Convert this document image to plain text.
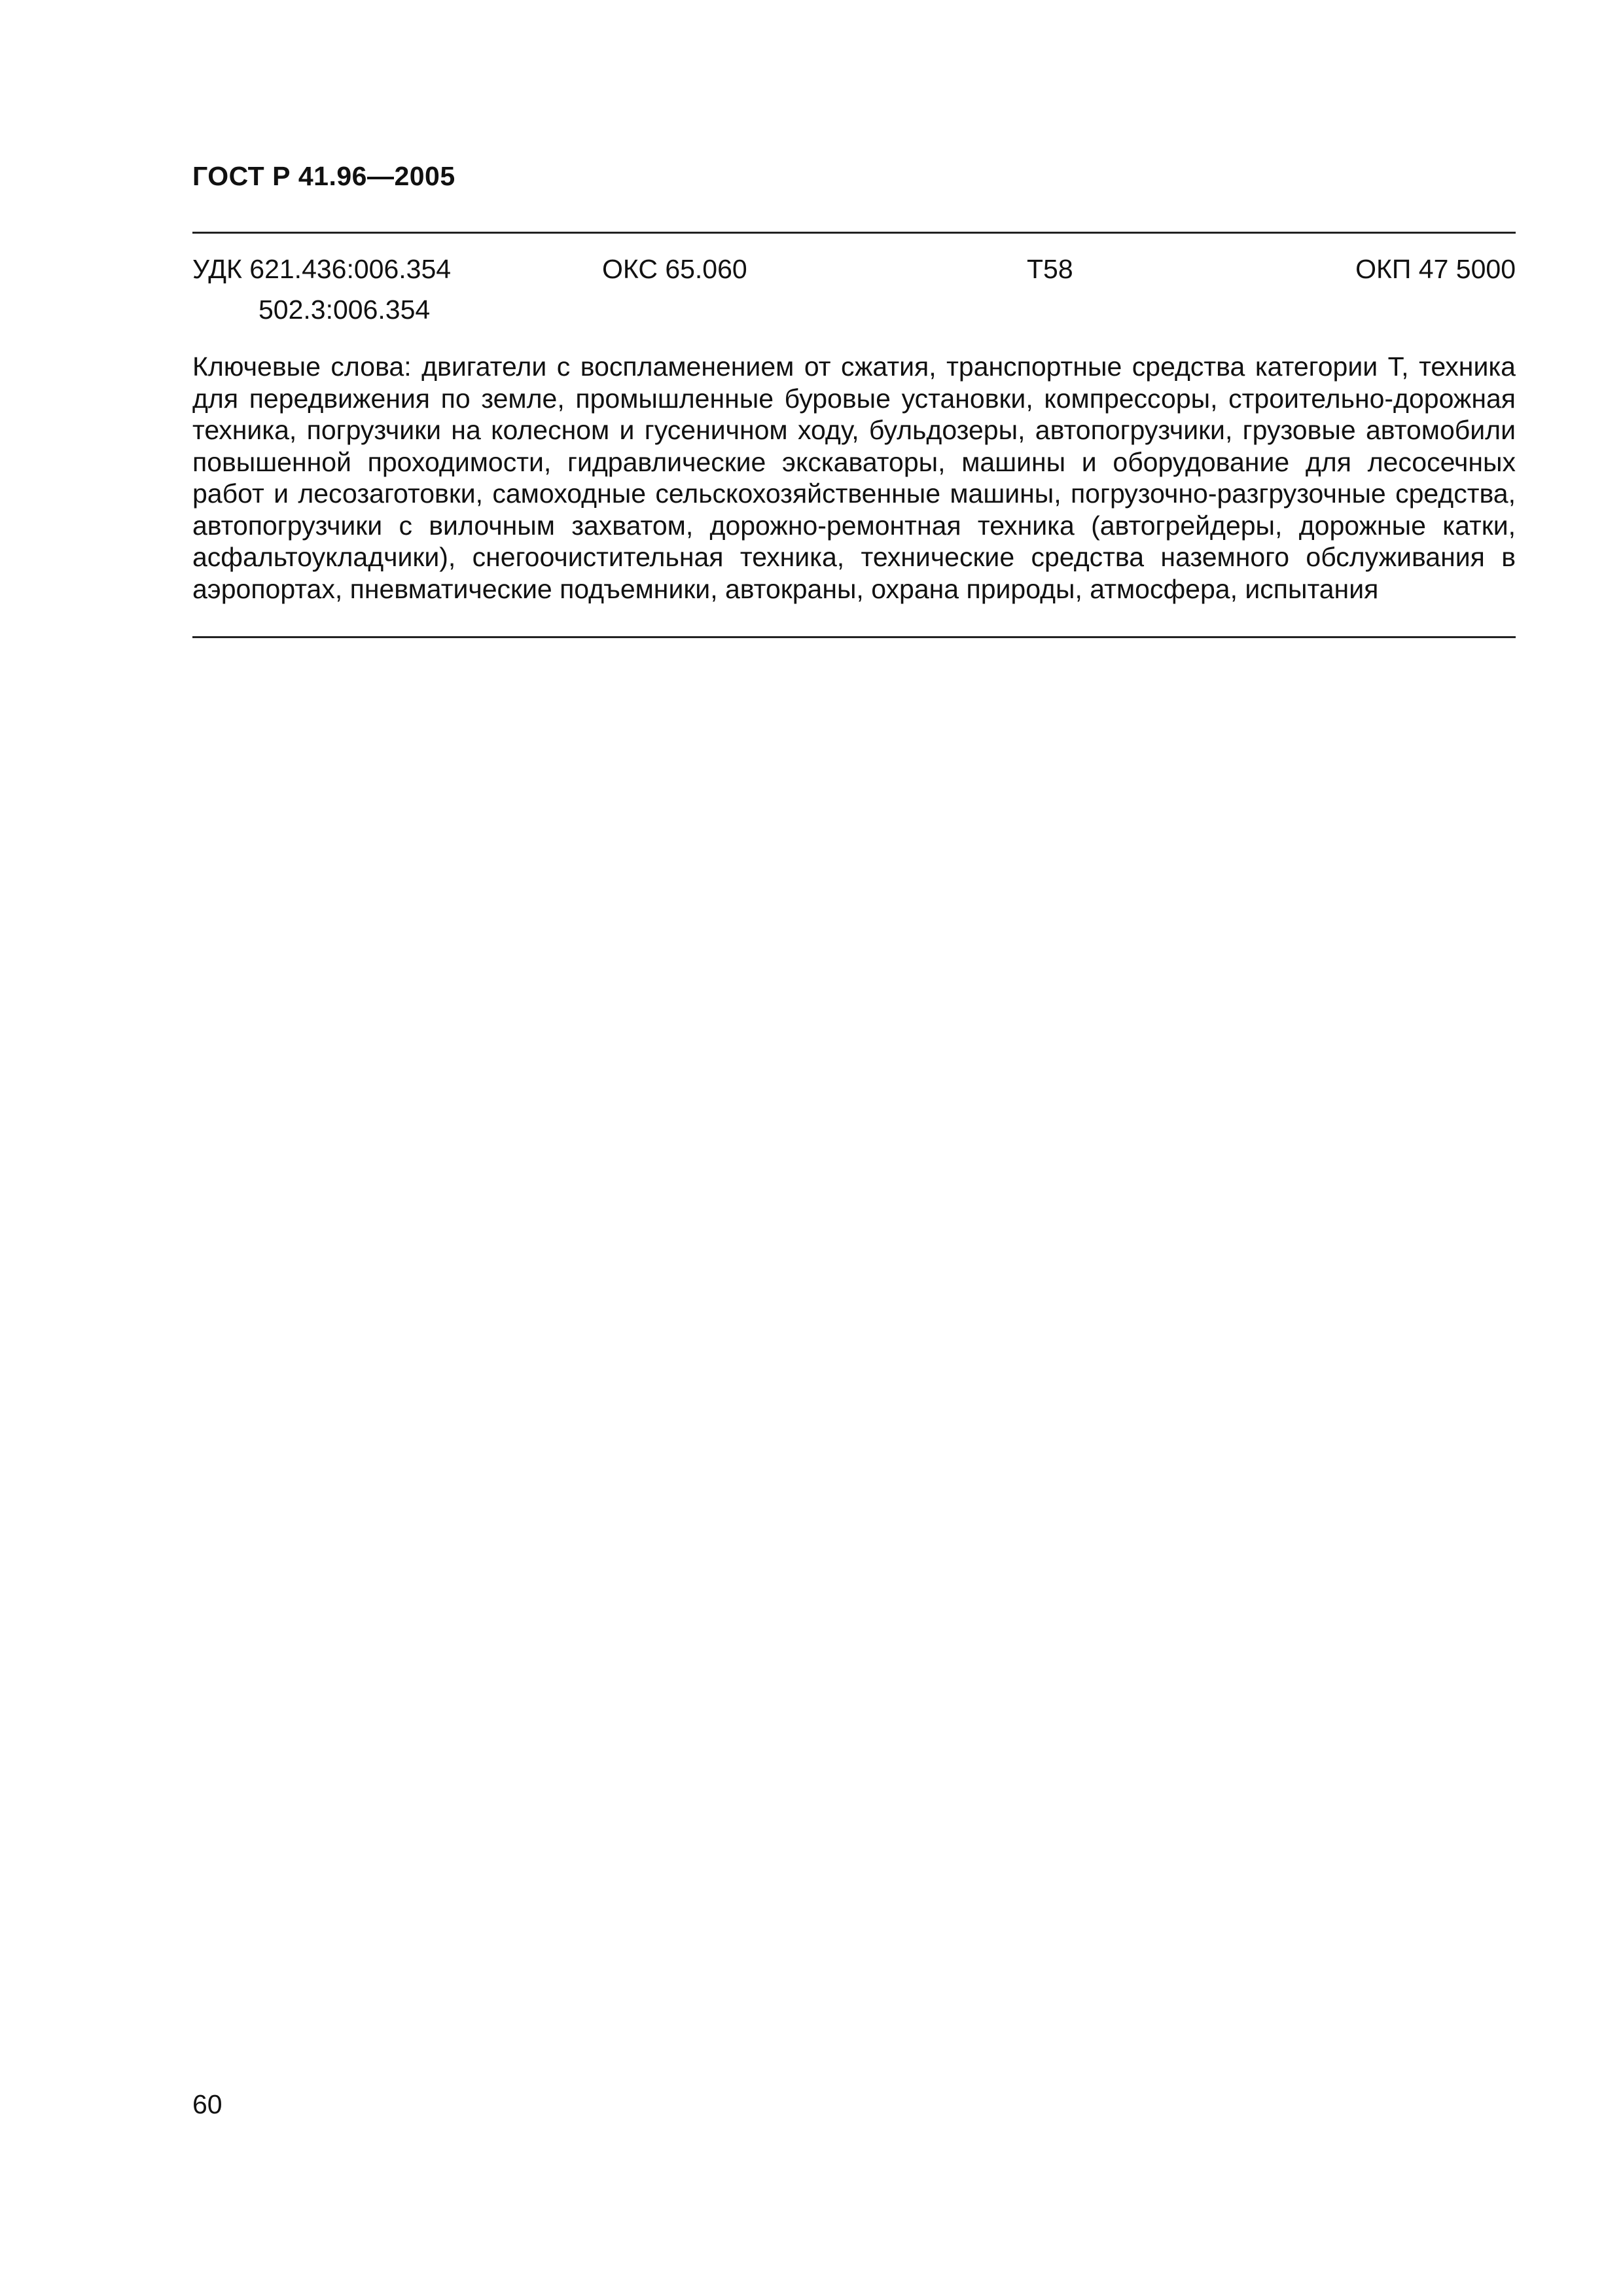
ГОСТ Р 41.96—2005
УДК 621.436:006.354
502.3:006.354
ОКС 65.060	Т58	ОКП 47 5000
Ключевые слова: двигатели с воспламенением от сжатия, транспортные средства категории Т, техника для передвижения по земле, промышленные буровые установки, компрессоры, строительно-дорожная техника, погрузчики на колесном и гусеничном ходу, бульдозеры, автопогрузчики, грузовые автомобили повышенной проходимости, гидравлические экскаваторы, машины и оборудование для лесосечных работ и лесозаготовки, самоходные сельскохозяйственные машины, погрузочно-разгрузочные средства, автопогрузчики с вилочным захватом, дорожно-ремонтная техника (автогрейдеры, дорожные катки, асфальтоукладчики), снегоочистительная техника, технические средства наземного обслуживания в аэропортах, пневматические подъемники, автокраны, охрана природы, атмосфера, испытания
60
